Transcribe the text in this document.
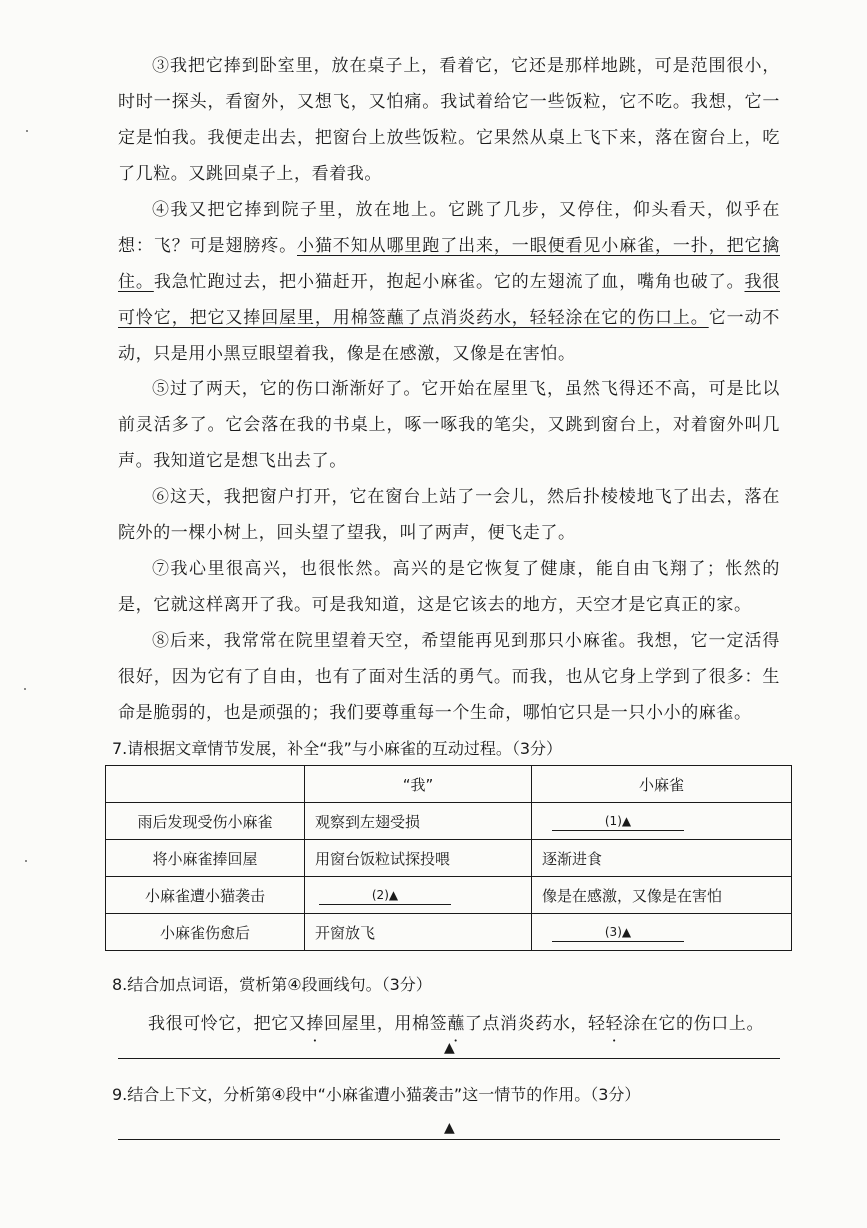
③我把它捧到卧室里，放在桌子上，看着它，它还是那样地跳，可是范围很小，时时一探头，看窗外，又想飞，又怕痛。我试着给它一些饭粒，它不吃。我想，它一定是怕我。我便走出去，把窗台上放些饭粒。它果然从桌上飞下来，落在窗台上，吃了几粒。又跳回桌子上，看着我。

④我又把它捧到院子里，放在地上。它跳了几步，又停住，仰头看天，似乎在想：飞？可是翅膀疼。小猫不知从哪里跑了出来，一眼便看见小麻雀，一扑，把它擒住。我急忙跑过去，把小猫赶开，抱起小麻雀。它的左翅流了血，嘴角也破了。我很可怜它，把它又捧回屋里，用棉签蘸了点消炎药水，轻轻涂在它的伤口上。它一动不动，只是用小黑豆眼望着我，像是在感激，又像是在害怕。

⑤过了两天，它的伤口渐渐好了。它开始在屋里飞，虽然飞得还不高，可是比以前灵活多了。它会落在我的书桌上，啄一啄我的笔尖，又跳到窗台上，对着窗外叫几声。我知道它是想飞出去了。

⑥这天，我把窗户打开，它在窗台上站了一会儿，然后扑棱棱地飞了出去，落在院外的一棵小树上，回头望了望我，叫了两声，便飞走了。

⑦我心里很高兴，也很怅然。高兴的是它恢复了健康，能自由飞翔了；怅然的是，它就这样离开了我。可是我知道，这是它该去的地方，天空才是它真正的家。

⑧后来，我常常在院里望着天空，希望能再见到那只小麻雀。我想，它一定活得很好，因为它有了自由，也有了面对生活的勇气。而我，也从它身上学到了很多：生命是脆弱的，也是顽强的；我们要尊重每一个生命，哪怕它只是一只小小的麻雀。

7.请根据文章情节发展，补全“我”与小麻雀的互动过程。（3分）

	“我”	小麻雀
雨后发现受伤小麻雀	观察到左翅受损	(1)▲
将小麻雀捧回屋	用窗台饭粒试探投喂	逐渐进食
小麻雀遭小猫袭击	(2)▲	像是在感激，又像是在害怕
小麻雀伤愈后	开窗放飞	(3)▲

8.结合加点词语，赏析第④段画线句。（3分）

我很可怜它，把它又捧回屋里，用棉签蘸了点消炎药水，轻轻涂在它的伤口上。

▲

9.结合上下文，分析第④段中“小麻雀遭小猫袭击”这一情节的作用。（3分）

▲
